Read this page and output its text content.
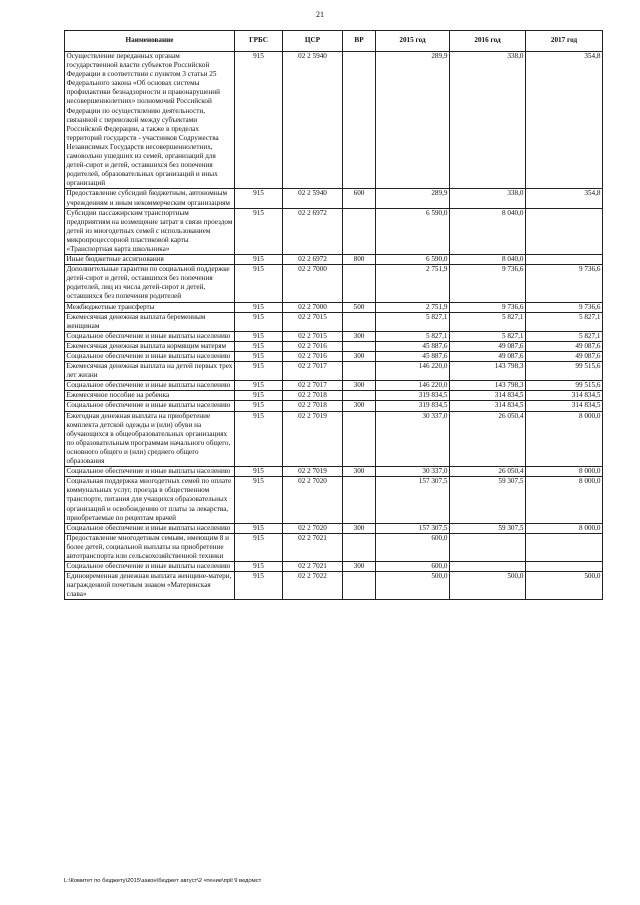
21
Наименование	ГРБС	ЦСР	ВР	2015 год	2016 год	2017 год
Осуществление переданных органам государственной власти субъектов Российской Федерации в соответствии с пунктом 3 статьи 25 Федерального закона «Об основах системы профилактики безнадзорности и правонарушений несовершеннолетних» полномочий Российской Федерации по осуществлению деятельности, связанной с перевозкой между субъектами Российской Федерации, а также в пределах территорий государств - участников Содружества Независимых Государств несовершеннолетних, самовольно ушедших из семей, организаций для детей-сирот и детей, оставшихся без попечения родителей, образовательных организаций и иных организаций	915	02 2 5940		289,9	338,0	354,8
Предоставление субсидий бюджетным, автономным учреждениям и иным некоммерческим организациям	915	02 2 5940	600	289,9	338,0	354,8
Субсидии пассажирским транспортным предприятиям на возмещение затрат в связи проездом детей из многодетных семей с использованием микропроцессорной пластиковой карты «Транспортная карта школьника»	915	02 2 6972		6 590,0	8 040,0	
Иные бюджетные ассигнования	915	02 2 6972	800	6 590,0	8 040,0	
Дополнительные гарантии по социальной поддержке детей-сирот и детей, оставшихся без попечения родителей, лиц из числа детей-сирот и детей, оставшихся без попечения родителей	915	02 2 7000		2 751,9	9 736,6	9 736,6
Межбюджетные трансферты	915	02 2 7000	500	2 751,9	9 736,6	9 736,6
Ежемесячная денежная выплата беременным женщинам	915	02 2 7015		5 827,1	5 827,1	5 827,1
Социальное обеспечение и иные выплаты населению	915	02 2 7015	300	5 827,1	5 827,1	5 827,1
Ежемесячная денежная выплата кормящим матерям	915	02 2 7016		45 887,6	49 087,6	49 087,6
Социальное обеспечение и иные выплаты населению	915	02 2 7016	300	45 887,6	49 087,6	49 087,6
Ежемесячная денежная выплата на детей первых трех лет жизни	915	02 2 7017		146 220,0	143 798,3	99 515,6
Социальное обеспечение и иные выплаты населению	915	02 2 7017	300	146 220,0	143 798,3	99 515,6
Ежемесячное пособие на ребенка	915	02 2 7018		319 834,5	314 834,5	314 834,5
Социальное обеспечение и иные выплаты населению	915	02 2 7018	300	319 834,5	314 834,5	314 834,5
Ежегодная денежная выплата на приобретение комплекта детской одежды и (или) обуви на обучающихся в общеобразовательных организациях по образовательным программам начального общего, основного общего и (или) среднего общего образования	915	02 2 7019		30 337,0	26 050,4	8 000,0
Социальное обеспечение и иные выплаты населению	915	02 2 7019	300	30 337,0	26 050,4	8 000,0
Социальная поддержка многодетных семей по оплате коммунальных услуг, проезда в общественном транспорте, питания для учащихся образовательных организаций и освобождению от платы за лекарства, приобретаемые по рецептам врачей	915	02 2 7020		157 307,5	59 307,5	8 000,0
Социальное обеспечение и иные выплаты населению	915	02 2 7020	300	157 307,5	59 307,5	8 000,0
Предоставление многодетным семьям, имеющим 8 и более детей, социальной выплаты на приобретение автотранспорта или сельскохозяйственной техники	915	02 2 7021		600,0		
Социальное обеспечение и иные выплаты населению	915	02 2 7021	300	600,0		
Единовременная денежная выплата женщине-матери, награжденной почетным знаком «Материнская слава»	915	02 2 7022		500,0	500,0	500,0
L:\Комитет по бюджету\2015\закон\бюджет август\2 чтение\прil 9 ведомст
